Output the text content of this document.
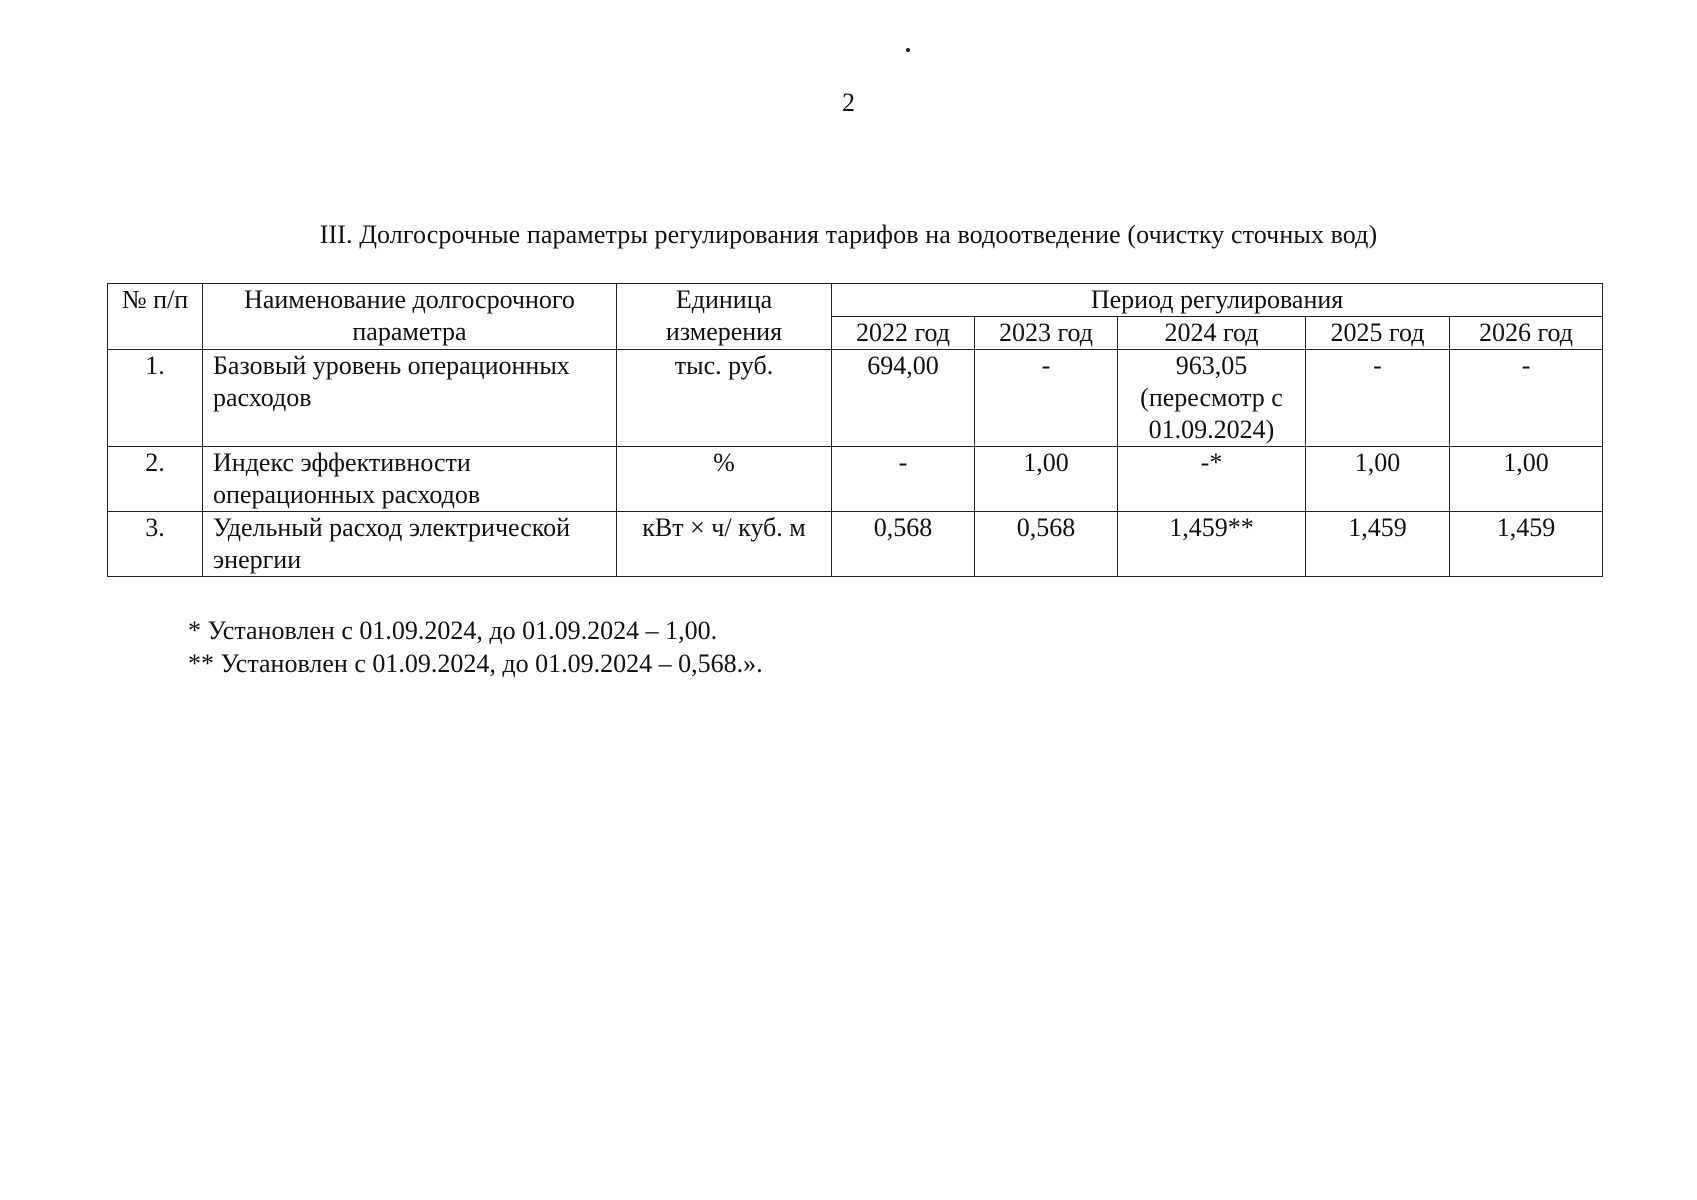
2
III. Долгосрочные параметры регулирования тарифов на водоотведение (очистку сточных вод)
№ п/п	Наименование долгосрочного параметра	Единица измерения	Период регулирования				
			2022 год	2023 год	2024 год	2025 год	2026 год
1.	Базовый уровень операционных расходов	тыс. руб.	694,00	-	963,05 (пересмотр с 01.09.2024)	-	-
2.	Индекс эффективности операционных расходов	%	-	1,00	-*	1,00	1,00
3.	Удельный расход электрической энергии	кВт × ч/ куб. м	0,568	0,568	1,459**	1,459	1,459
* Установлен с 01.09.2024, до 01.09.2024 – 1,00.
** Установлен с 01.09.2024, до 01.09.2024 – 0,568.».
